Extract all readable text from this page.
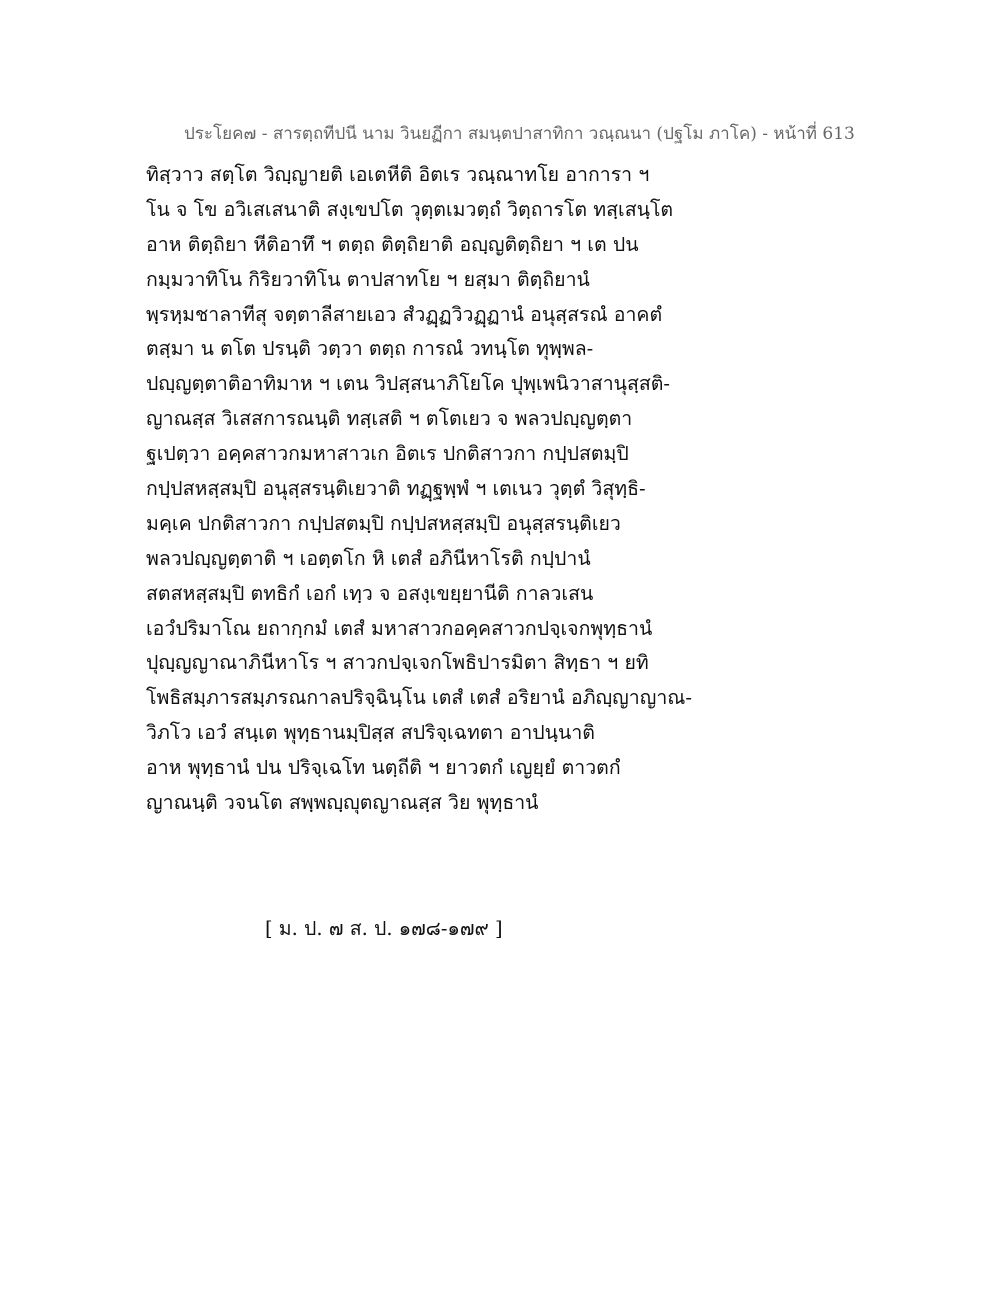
ประโยค๗ - สารตฺถทีปนี นาม วินยฏีกา สมนฺตปาสาทิกา วณฺณนา (ปฐโม ภาโค) - หน้าที่ 613
ทิสฺวาว สตฺโต วิญฺญายติ เอเตหีติ อิตเร วณฺณาทโย อาการา ฯ
โน จ โข อวิเสเสนาติ สงฺเขปโต วุตฺตเมวตฺถํ วิตฺถารโต ทสฺเสนฺโต
อาห ติตฺถิยา หีติอาทึ ฯ ตตฺถ ติตฺถิยาติ อญฺญติตฺถิยา ฯ เต ปน
กมฺมวาทิโน กิริยวาทิโน ตาปสาทโย ฯ ยสฺมา ติตฺถิยานํ
พฺรหฺมชาลาทีสุ จตฺตาลีสายเอว สํวฏฺฏวิวฏฺฏานํ อนุสฺสรณํ อาคตํ
ตสฺมา น ตโต ปรนฺติ วตฺวา ตตฺถ การณํ วทนฺโต ทุพฺพล-
ปญฺญตฺตาติอาทิมาห ฯ เตน วิปสฺสนาภิโยโค ปุพฺเพนิวาสานุสฺสติ-
ญาณสฺส วิเสสการณนฺติ ทสฺเสติ ฯ ตโตเยว จ พลวปญฺญตฺตา
ฐเปตฺวา อคฺคสาวกมหาสาวเก อิตเร ปกติสาวกา กปฺปสตมฺปิ
กปฺปสหสฺสมฺปิ อนุสฺสรนฺติเยวาติ ทฏฺฐพฺพํ ฯ เตเนว วุตฺตํ วิสุทฺธิ-
มคฺเค ปกติสาวกา กปฺปสตมฺปิ กปฺปสหสฺสมฺปิ อนุสฺสรนฺติเยว
พลวปญฺญตฺตาติ ฯ เอตฺตโก หิ เตสํ อภินีหาโรติ กปฺปานํ
สตสหสฺสมฺปิ ตทธิกํ เอกํ เทฺว จ อสงฺเขยฺยานีติ กาลวเสน
เอวํปริมาโณ ยถากฺกมํ เตสํ มหาสาวกอคฺคสาวกปจฺเจกพุทฺธานํ
ปุญฺญญาณาภินีหาโร ฯ สาวกปจฺเจกโพธิปารมิตา สิทฺธา ฯ ยทิ
โพธิสมฺภารสมฺภรณกาลปริจฺฉินฺโน เตสํ เตสํ อริยานํ อภิญฺญาญาณ-
วิภโว เอวํ สนฺเต พุทฺธานมฺปิสฺส สปริจฺเฉทตา อาปนฺนาติ
อาห พุทฺธานํ ปน ปริจฺเฉโท นตฺถีติ ฯ ยาวตกํ เญยฺยํ ตาวตกํ
ญาณนฺติ วจนโต สพฺพญฺญุตญาณสฺส วิย พุทฺธานํ
[ ม. ป. ๗ ส. ป. ๑๗๘-๑๗๙ ]
